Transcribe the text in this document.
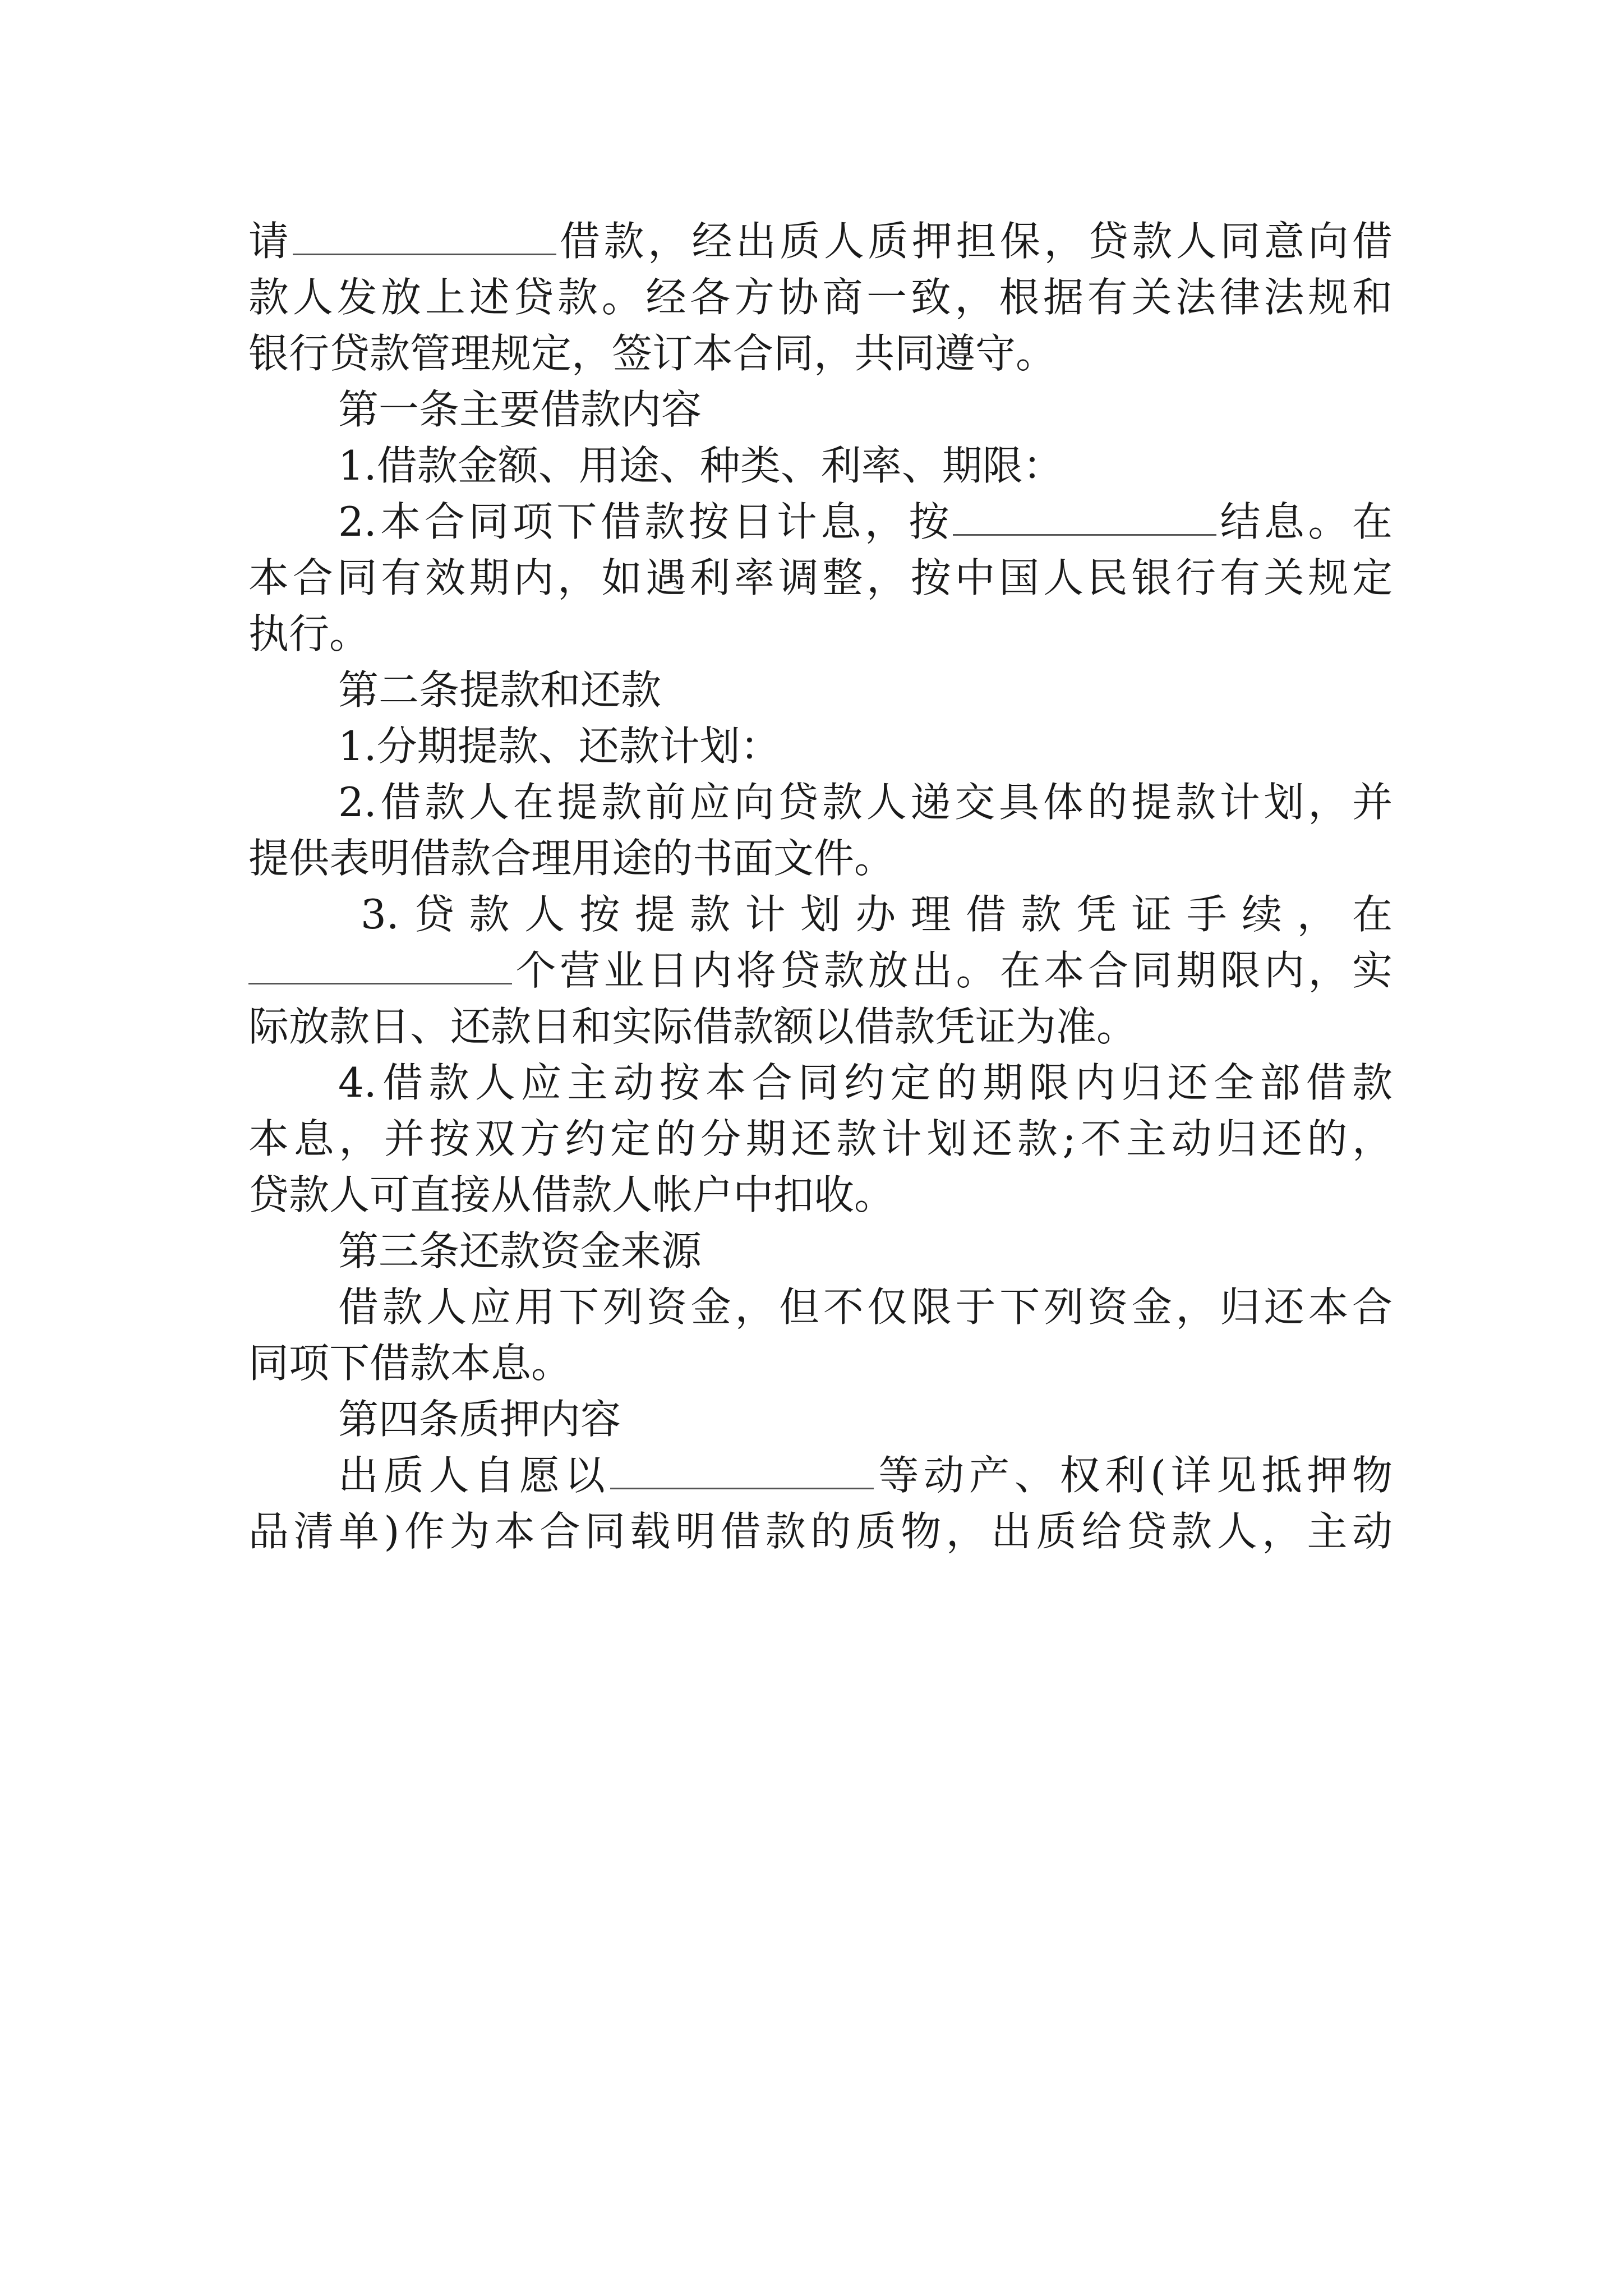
请	借款，经出质人质押担保，贷款人同意向借
款人发放上述贷款。经各方协商一致，根据有关法律法规和
银行贷款管理规定，签订本合同，共同遵守。
第一条主要借款内容
1.借款金额、用途、种类、利率、期限：
2.本合同项下借款按日计息，按	结息。在
本合同有效期内，如遇利率调整，按中国人民银行有关规定
执行。
第二条提款和还款
1.分期提款、还款计划：
2.借款人在提款前应向贷款人递交具体的提款计划，并
提供表明借款合理用途的书面文件。
3.贷款人按提款计划办理借款凭证手续，在
个营业日内将贷款放出。在本合同期限内，实
际放款日、还款日和实际借款额以借款凭证为准。
4.借款人应主动按本合同约定的期限内归还全部借款
本息，并按双方约定的分期还款计划还款;不主动归还的，
贷款人可直接从借款人帐户中扣收。
第三条还款资金来源
借款人应用下列资金，但不仅限于下列资金，归还本合
同项下借款本息。
第四条质押内容
出质人自愿以	等动产、权利(详见抵押物
品清单)作为本合同载明借款的质物，出质给贷款人，主动
